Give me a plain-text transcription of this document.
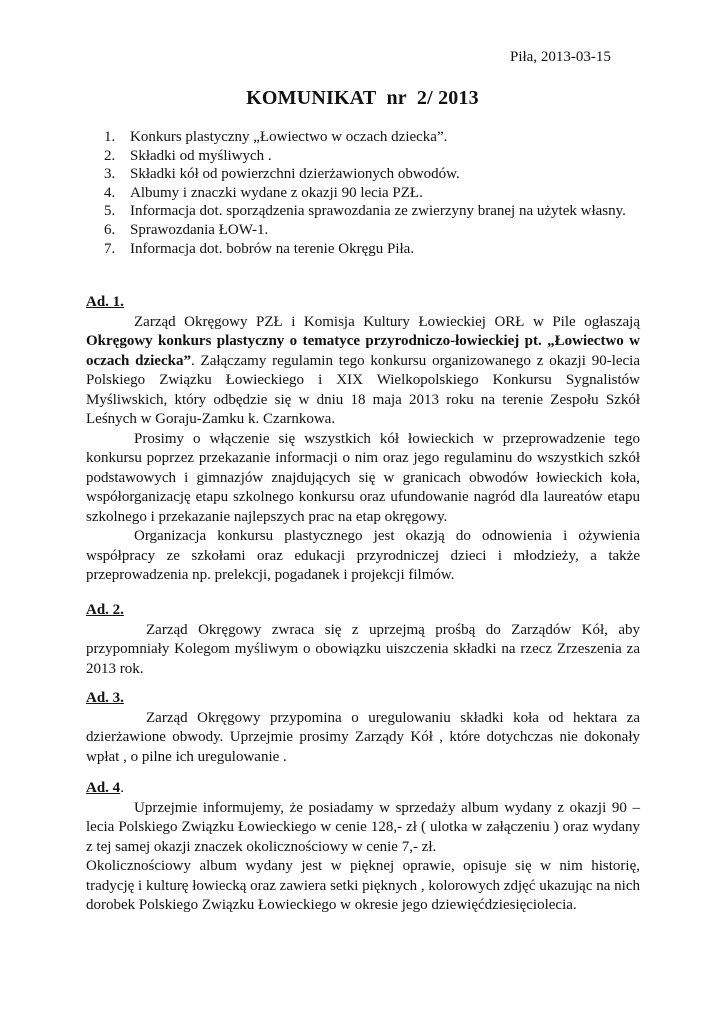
Piła, 2013-03-15
KOMUNIKAT  nr  2/ 2013
1. Konkurs plastyczny „Łowiectwo w oczach dziecka”.
2. Składki od myśliwych .
3. Składki kół od powierzchni dzierżawionych obwodów.
4. Albumy i znaczki wydane z okazji 90 lecia PZŁ.
5. Informacja dot. sporządzenia sprawozdania ze zwierzyny branej na użytek własny.
6. Sprawozdania ŁOW-1.
7. Informacja dot. bobrów na terenie Okręgu Piła.
Ad. 1.

Zarząd Okręgowy PZŁ i Komisja Kultury Łowieckiej ORŁ w Pile ogłaszają Okręgowy konkurs plastyczny o tematyce przyrodniczo-łowieckiej pt. „Łowiectwo w oczach dziecka”. Załączamy regulamin tego konkursu organizowanego z okazji 90-lecia Polskiego Związku Łowieckiego i XIX Wielkopolskiego Konkursu Sygnalistów Myśliwskich, który odbędzie się w dniu 18 maja 2013 roku na terenie Zespołu Szkół Leśnych w Goraju-Zamku k. Czarnkowa.

Prosimy o włączenie się wszystkich kół łowieckich w przeprowadzenie tego konkursu poprzez przekazanie informacji o nim oraz jego regulaminu do wszystkich szkół podstawowych i gimnazjów znajdujących się w granicach obwodów łowieckich koła, współorganizację etapu szkolnego konkursu oraz ufundowanie nagród dla laureatów etapu szkolnego i przekazanie najlepszych prac na etap okręgowy.

Organizacja konkursu plastycznego jest okazją do odnowienia i ożywienia współpracy ze szkołami oraz edukacji przyrodniczej dzieci i młodzieży, a także przeprowadzenia np. prelekcji, pogadanek i projekcji filmów.

Ad. 2.

Zarząd Okręgowy zwraca się z uprzejmą prośbą do Zarządów Kół, aby przypomniały Kolegom myśliwym o obowiązku uiszczenia składki na rzecz Zrzeszenia za 2013 rok.

Ad. 3.

Zarząd Okręgowy przypomina o uregulowaniu składki koła od hektara za dzierżawione obwody. Uprzejmie prosimy Zarządy Kół , które dotychczas nie dokonały wpłat , o pilne ich uregulowanie .

Ad. 4.

Uprzejmie informujemy, że posiadamy w sprzedaży album wydany z okazji 90 – lecia Polskiego Związku Łowieckiego w cenie 128,- zł ( ulotka w załączeniu ) oraz wydany z tej samej okazji znaczek okolicznościowy w cenie 7,- zł.

Okolicznościowy album wydany jest w pięknej oprawie, opisuje się w nim historię, tradycję i kulturę łowiecką oraz zawiera setki pięknych , kolorowych zdjęć ukazując na nich dorobek Polskiego Związku Łowieckiego w okresie jego dziewięćdziesięciolecia.
